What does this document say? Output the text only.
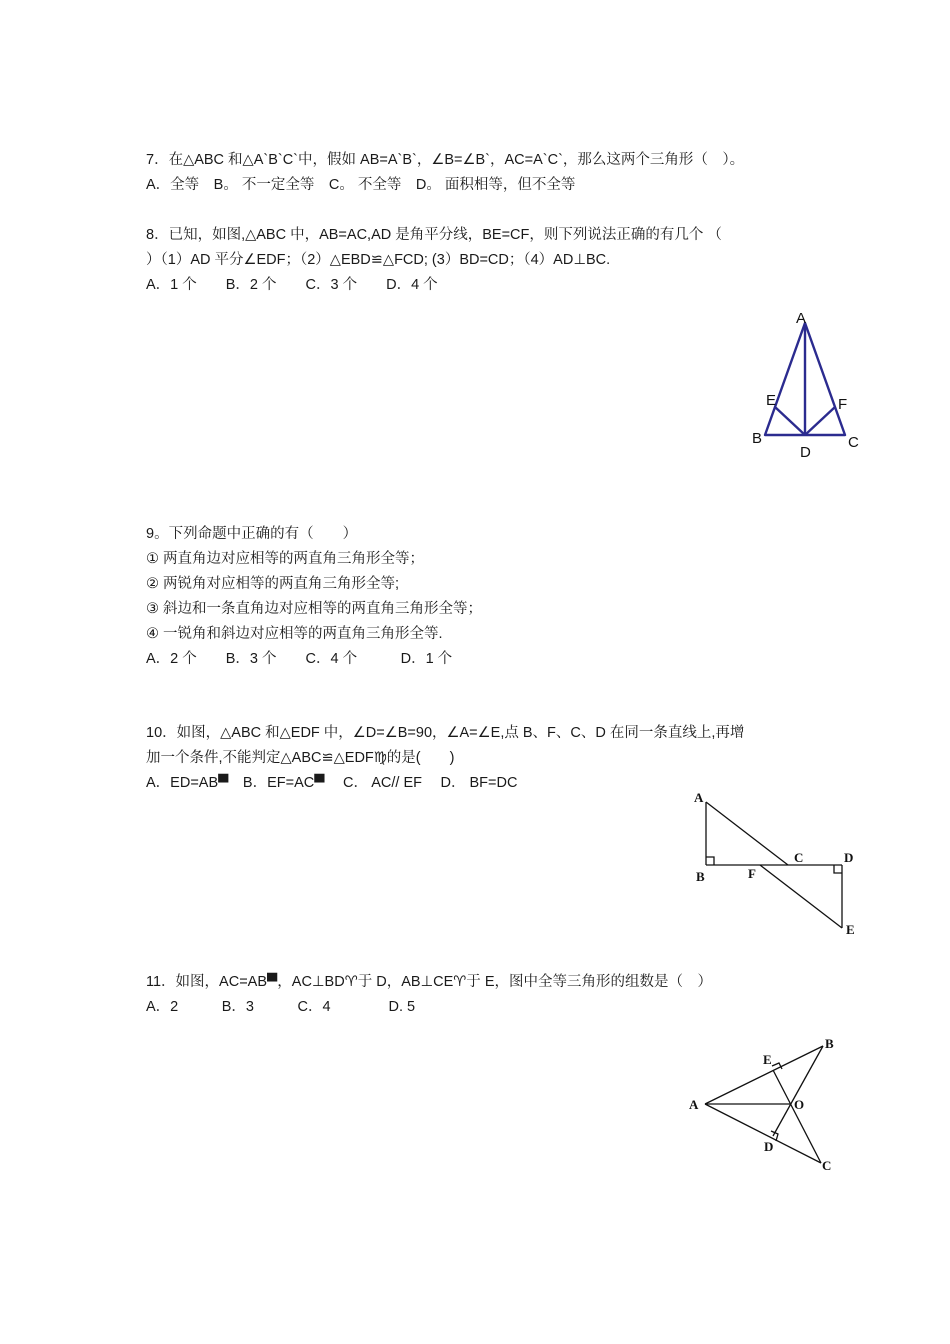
7．在△ABC 和△A`B`C`中，假如 AB=A`B`，∠B=∠B`，AC=A`C`，那么这两个三角形（　）。
A．全等　B。 不一定全等　C。 不全等　D。 面积相等，但不全等
8．已知，如图,△ABC 中，AB=AC,AD 是角平分线，BE=CF，则下列说法正确的有几个 （
）（1）AD 平分∠EDF；（2）△EBD≌△FCD; (3）BD=CD；（4）AD⊥BC.
A．1 个　　B．2 个　　C．3 个　　D．4 个
A
E	F
B	C
D
9。下列命题中正确的有（　　）
① 两直角边对应相等的两直角三角形全等；
② 两锐角对应相等的两直角三角形全等;
③ 斜边和一条直角边对应相等的两直角三角形全等；
④ 一锐角和斜边对应相等的两直角三角形全等.
A．2 个　　B．3 个　　C．4 个　　　D．1 个
10．如图，△ABC 和△EDF 中，∠D=∠B=90，∠A=∠E,点 B、F、C、D 在同一条直线上,再增
加一个条件,不能判定△ABC≌△EDF♍的是(　　)
A．ED=AB▀　B．EF=AC▀　 C． AC// EF　 D． BF=DC
A
B	F
C	D
E
11．如图，AC=AB▀，AC⊥BD♈于 D，AB⊥CE♈于 E，图中全等三角形的组数是（　）
A．2　　　B．3　　　C．4　　　　D. 5
A
B
E
O
D
C
